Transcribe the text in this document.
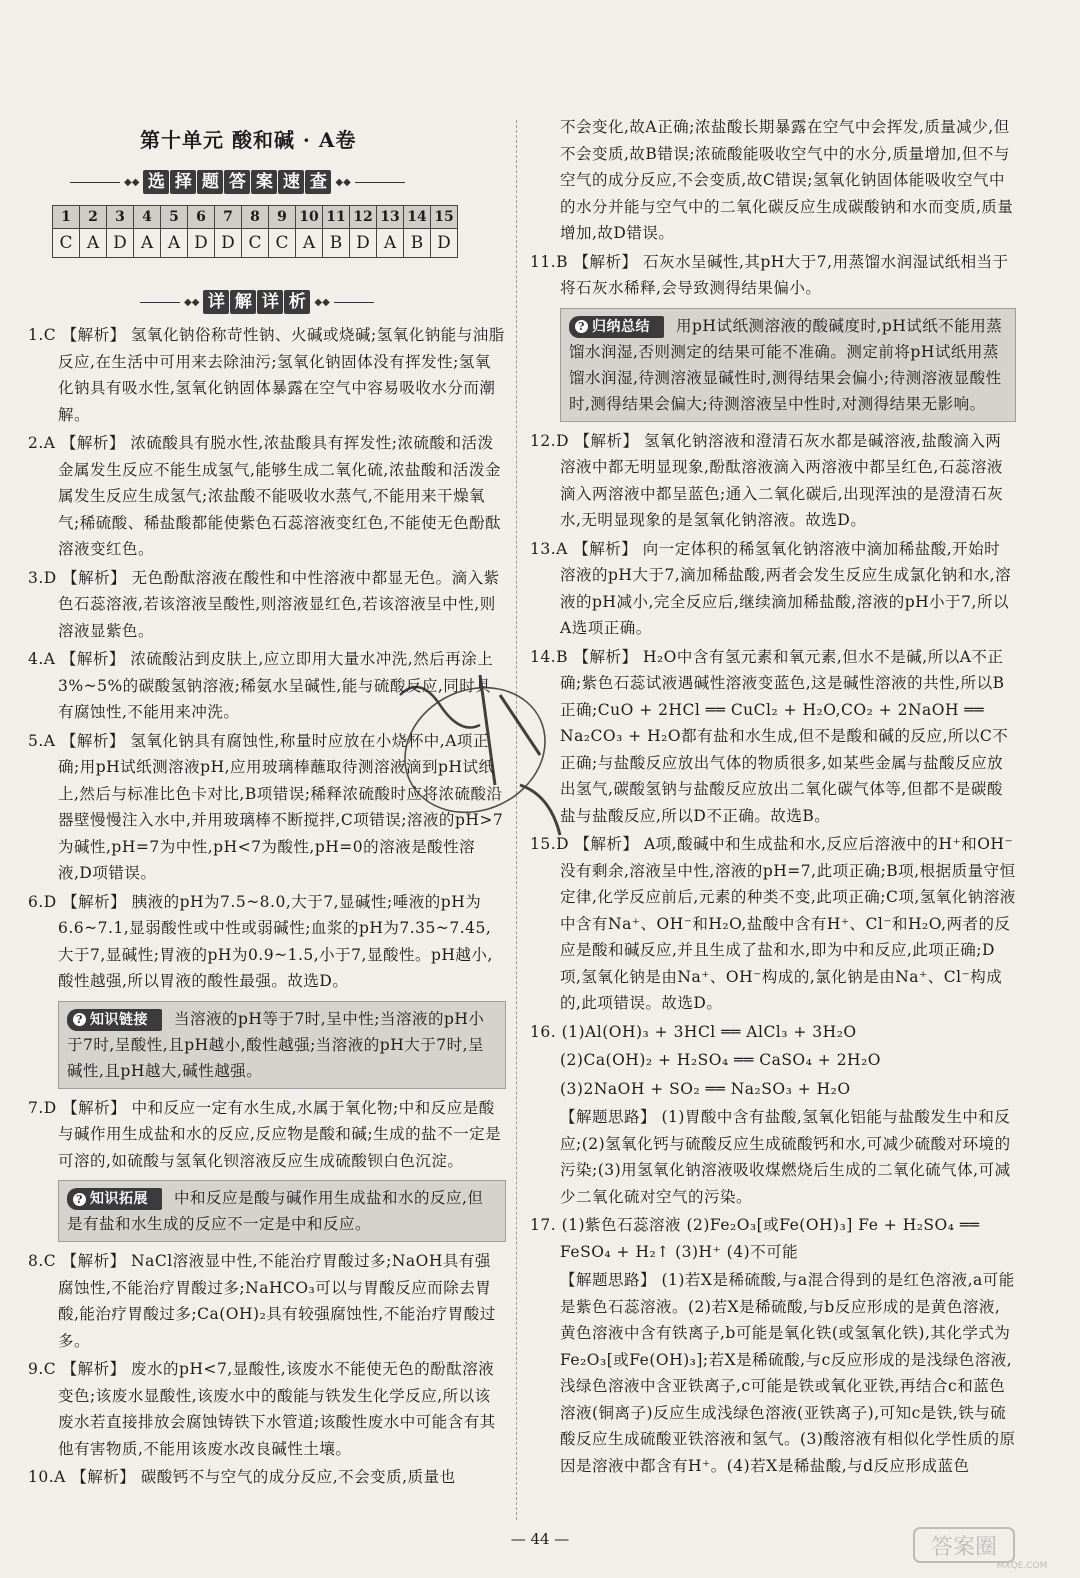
第十单元 酸和碱 · A卷
◆◆ 选 择 题 答 案 速 查 ◆◆
1	2	3	4	5	6	7	8	9	10	11	12	13	14	15
C	A	D	A	A	D	D	C	C	A	B	D	A	B	D
◆◆ 详 解 详 析 ◆◆

1.C 【解析】 氢氧化钠俗称苛性钠、火碱或烧碱;氢氧化钠能与油脂反应,在生活中可用来去除油污;氢氧化钠固体没有挥发性;氢氧化钠具有吸水性,氢氧化钠固体暴露在空气中容易吸收水分而潮解。

2.A 【解析】 浓硫酸具有脱水性,浓盐酸具有挥发性;浓硫酸和活泼金属发生反应不能生成氢气,能够生成二氧化硫,浓盐酸和活泼金属发生反应生成氢气;浓盐酸不能吸收水蒸气,不能用来干燥氧气;稀硫酸、稀盐酸都能使紫色石蕊溶液变红色,不能使无色酚酞溶液变红色。

3.D 【解析】 无色酚酞溶液在酸性和中性溶液中都显无色。滴入紫色石蕊溶液,若该溶液呈酸性,则溶液显红色,若该溶液呈中性,则溶液显紫色。

4.A 【解析】 浓硫酸沾到皮肤上,应立即用大量水冲洗,然后再涂上3%~5%的碳酸氢钠溶液;稀氨水呈碱性,能与硫酸反应,同时具有腐蚀性,不能用来冲洗。

5.A 【解析】 氢氧化钠具有腐蚀性,称量时应放在小烧杯中,A项正确;用pH试纸测溶液pH,应用玻璃棒蘸取待测溶液滴到pH试纸上,然后与标准比色卡对比,B项错误;稀释浓硫酸时应将浓硫酸沿器壁慢慢注入水中,并用玻璃棒不断搅拌,C项错误;溶液的pH>7为碱性,pH=7为中性,pH<7为酸性,pH=0的溶液是酸性溶液,D项错误。

6.D 【解析】 胰液的pH为7.5~8.0,大于7,显碱性;唾液的pH为6.6~7.1,显弱酸性或中性或弱碱性;血浆的pH为7.35~7.45,大于7,显碱性;胃液的pH为0.9~1.5,小于7,显酸性。pH越小,酸性越强,所以胃液的酸性最强。故选D。

? 知识链接 当溶液的pH等于7时,呈中性;当溶液的pH小于7时,呈酸性,且pH越小,酸性越强;当溶液的pH大于7时,呈碱性,且pH越大,碱性越强。

7.D 【解析】 中和反应一定有水生成,水属于氧化物;中和反应是酸与碱作用生成盐和水的反应,反应物是酸和碱;生成的盐不一定是可溶的,如硫酸与氢氧化钡溶液反应生成硫酸钡白色沉淀。

? 知识拓展 中和反应是酸与碱作用生成盐和水的反应,但是有盐和水生成的反应不一定是中和反应。

8.C 【解析】 NaCl溶液显中性,不能治疗胃酸过多;NaOH具有强腐蚀性,不能治疗胃酸过多;NaHCO₃可以与胃酸反应而除去胃酸,能治疗胃酸过多;Ca(OH)₂具有较强腐蚀性,不能治疗胃酸过多。

9.C 【解析】 废水的pH<7,显酸性,该废水不能使无色的酚酞溶液变色;该废水显酸性,该废水中的酸能与铁发生化学反应,所以该废水若直接排放会腐蚀铸铁下水管道;该酸性废水中可能含有其他有害物质,不能用该废水改良碱性土壤。

10.A 【解析】 碳酸钙不与空气的成分反应,不会变质,质量也

不会变化,故A正确;浓盐酸长期暴露在空气中会挥发,质量减少,但不会变质,故B错误;浓硫酸能吸收空气中的水分,质量增加,但不与空气的成分反应,不会变质,故C错误;氢氧化钠固体能吸收空气中的水分并能与空气中的二氧化碳反应生成碳酸钠和水而变质,质量增加,故D错误。

11.B 【解析】 石灰水呈碱性,其pH大于7,用蒸馏水润湿试纸相当于将石灰水稀释,会导致测得结果偏小。

? 归纳总结 用pH试纸测溶液的酸碱度时,pH试纸不能用蒸馏水润湿,否则测定的结果可能不准确。测定前将pH试纸用蒸馏水润湿,待测溶液显碱性时,测得结果会偏小;待测溶液显酸性时,测得结果会偏大;待测溶液呈中性时,对测得结果无影响。

12.D 【解析】 氢氧化钠溶液和澄清石灰水都是碱溶液,盐酸滴入两溶液中都无明显现象,酚酞溶液滴入两溶液中都呈红色,石蕊溶液滴入两溶液中都呈蓝色;通入二氧化碳后,出现浑浊的是澄清石灰水,无明显现象的是氢氧化钠溶液。故选D。

13.A 【解析】 向一定体积的稀氢氧化钠溶液中滴加稀盐酸,开始时溶液的pH大于7,滴加稀盐酸,两者会发生反应生成氯化钠和水,溶液的pH减小,完全反应后,继续滴加稀盐酸,溶液的pH小于7,所以A选项正确。

14.B 【解析】 H₂O中含有氢元素和氧元素,但水不是碱,所以A不正确;紫色石蕊试液遇碱性溶液变蓝色,这是碱性溶液的共性,所以B正确;CuO + 2HCl ══ CuCl₂ + H₂O,CO₂ + 2NaOH ══ Na₂CO₃ + H₂O都有盐和水生成,但不是酸和碱的反应,所以C不正确;与盐酸反应放出气体的物质很多,如某些金属与盐酸反应放出氢气,碳酸氢钠与盐酸反应放出二氧化碳气体等,但都不是碳酸盐与盐酸反应,所以D不正确。故选B。

15.D 【解析】 A项,酸碱中和生成盐和水,反应后溶液中的H⁺和OH⁻没有剩余,溶液呈中性,溶液的pH=7,此项正确;B项,根据质量守恒定律,化学反应前后,元素的种类不变,此项正确;C项,氢氧化钠溶液中含有Na⁺、OH⁻和H₂O,盐酸中含有H⁺、Cl⁻和H₂O,两者的反应是酸和碱反应,并且生成了盐和水,即为中和反应,此项正确;D项,氢氧化钠是由Na⁺、OH⁻构成的,氯化钠是由Na⁺、Cl⁻构成的,此项错误。故选D。

16. (1)Al(OH)₃ + 3HCl ══ AlCl₃ + 3H₂O

(2)Ca(OH)₂ + H₂SO₄ ══ CaSO₄ + 2H₂O

(3)2NaOH + SO₂ ══ Na₂SO₃ + H₂O

【解题思路】 (1)胃酸中含有盐酸,氢氧化铝能与盐酸发生中和反应;(2)氢氧化钙与硫酸反应生成硫酸钙和水,可减少硫酸对环境的污染;(3)用氢氧化钠溶液吸收煤燃烧后生成的二氧化硫气体,可减少二氧化硫对空气的污染。

17. (1)紫色石蕊溶液 (2)Fe₂O₃[或Fe(OH)₃] Fe + H₂SO₄ ══ FeSO₄ + H₂↑ (3)H⁺ (4)不可能

【解题思路】 (1)若X是稀硫酸,与a混合得到的是红色溶液,a可能是紫色石蕊溶液。(2)若X是稀硫酸,与b反应形成的是黄色溶液,黄色溶液中含有铁离子,b可能是氧化铁(或氢氧化铁),其化学式为Fe₂O₃[或Fe(OH)₃];若X是稀硫酸,与c反应形成的是浅绿色溶液,浅绿色溶液中含亚铁离子,c可能是铁或氧化亚铁,再结合c和蓝色溶液(铜离子)反应生成浅绿色溶液(亚铁离子),可知c是铁,铁与硫酸反应生成硫酸亚铁溶液和氢气。(3)酸溶液有相似化学性质的原因是溶液中都含有H⁺。(4)若X是稀盐酸,与d反应形成蓝色

— 44 —	答案圈
MXQE.COM
